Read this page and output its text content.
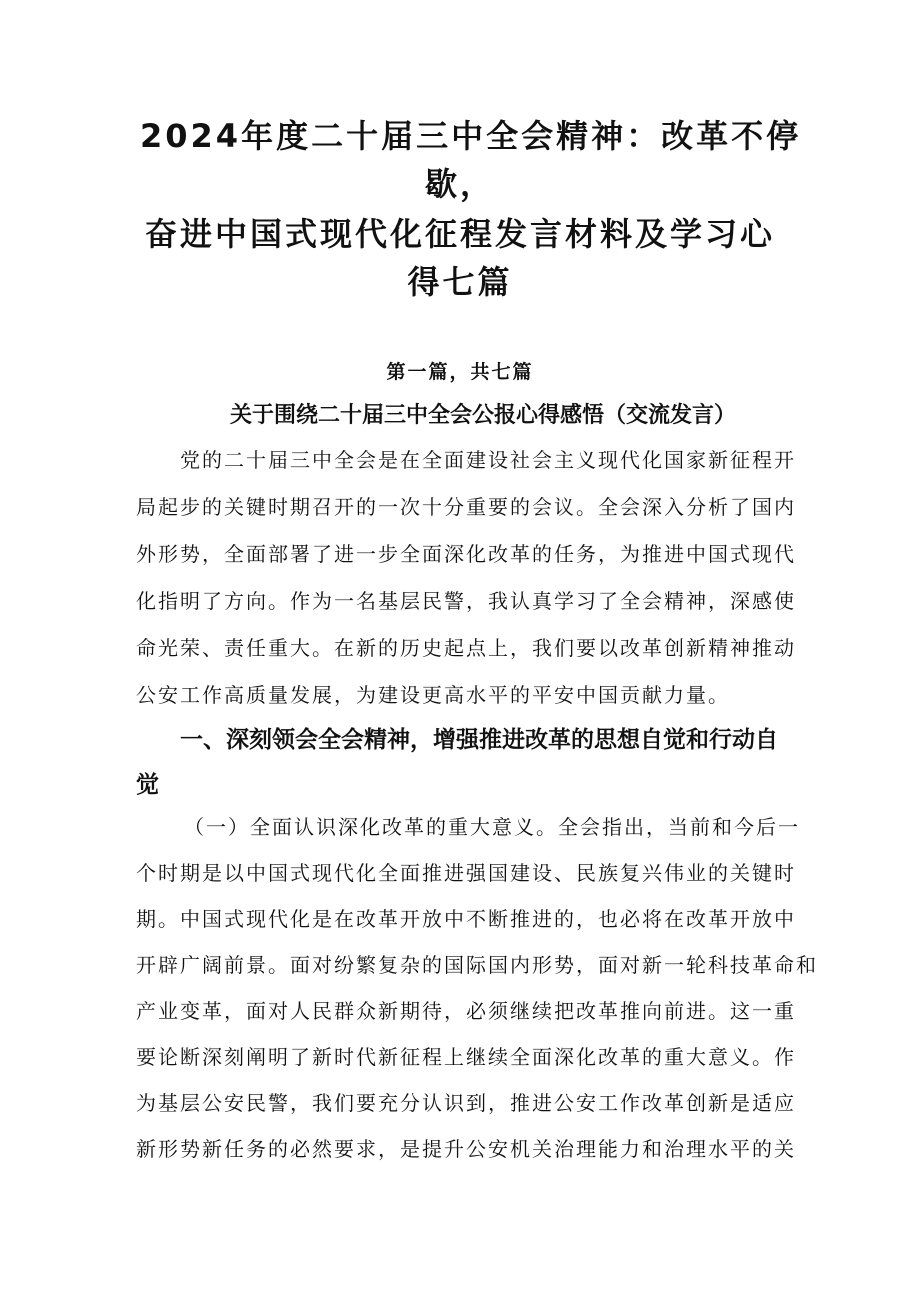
2024年度二十届三中全会精神：改革不停
歇，
奋进中国式现代化征程发言材料及学习心
得七篇

第一篇，共七篇

关于围绕二十届三中全会公报心得感悟（交流发言）

党的二十届三中全会是在全面建设社会主义现代化国家新征程开

局起步的关键时期召开的一次十分重要的会议。全会深入分析了国内

外形势，全面部署了进一步全面深化改革的任务，为推进中国式现代

化指明了方向。作为一名基层民警，我认真学习了全会精神，深感使

命光荣、责任重大。在新的历史起点上，我们要以改革创新精神推动

公安工作高质量发展，为建设更高水平的平安中国贡献力量。

一、深刻领会全会精神，增强推进改革的思想自觉和行动自
觉

（一）全面认识深化改革的重大意义。全会指出，当前和今后一

个时期是以中国式现代化全面推进强国建设、民族复兴伟业的关键时

期。中国式现代化是在改革开放中不断推进的，也必将在改革开放中

开辟广阔前景。面对纷繁复杂的国际国内形势，面对新一轮科技革命和

产业变革，面对人民群众新期待，必须继续把改革推向前进。这一重

要论断深刻阐明了新时代新征程上继续全面深化改革的重大意义。作

为基层公安民警，我们要充分认识到，推进公安工作改革创新是适应

新形势新任务的必然要求，是提升公安机关治理能力和治理水平的关
